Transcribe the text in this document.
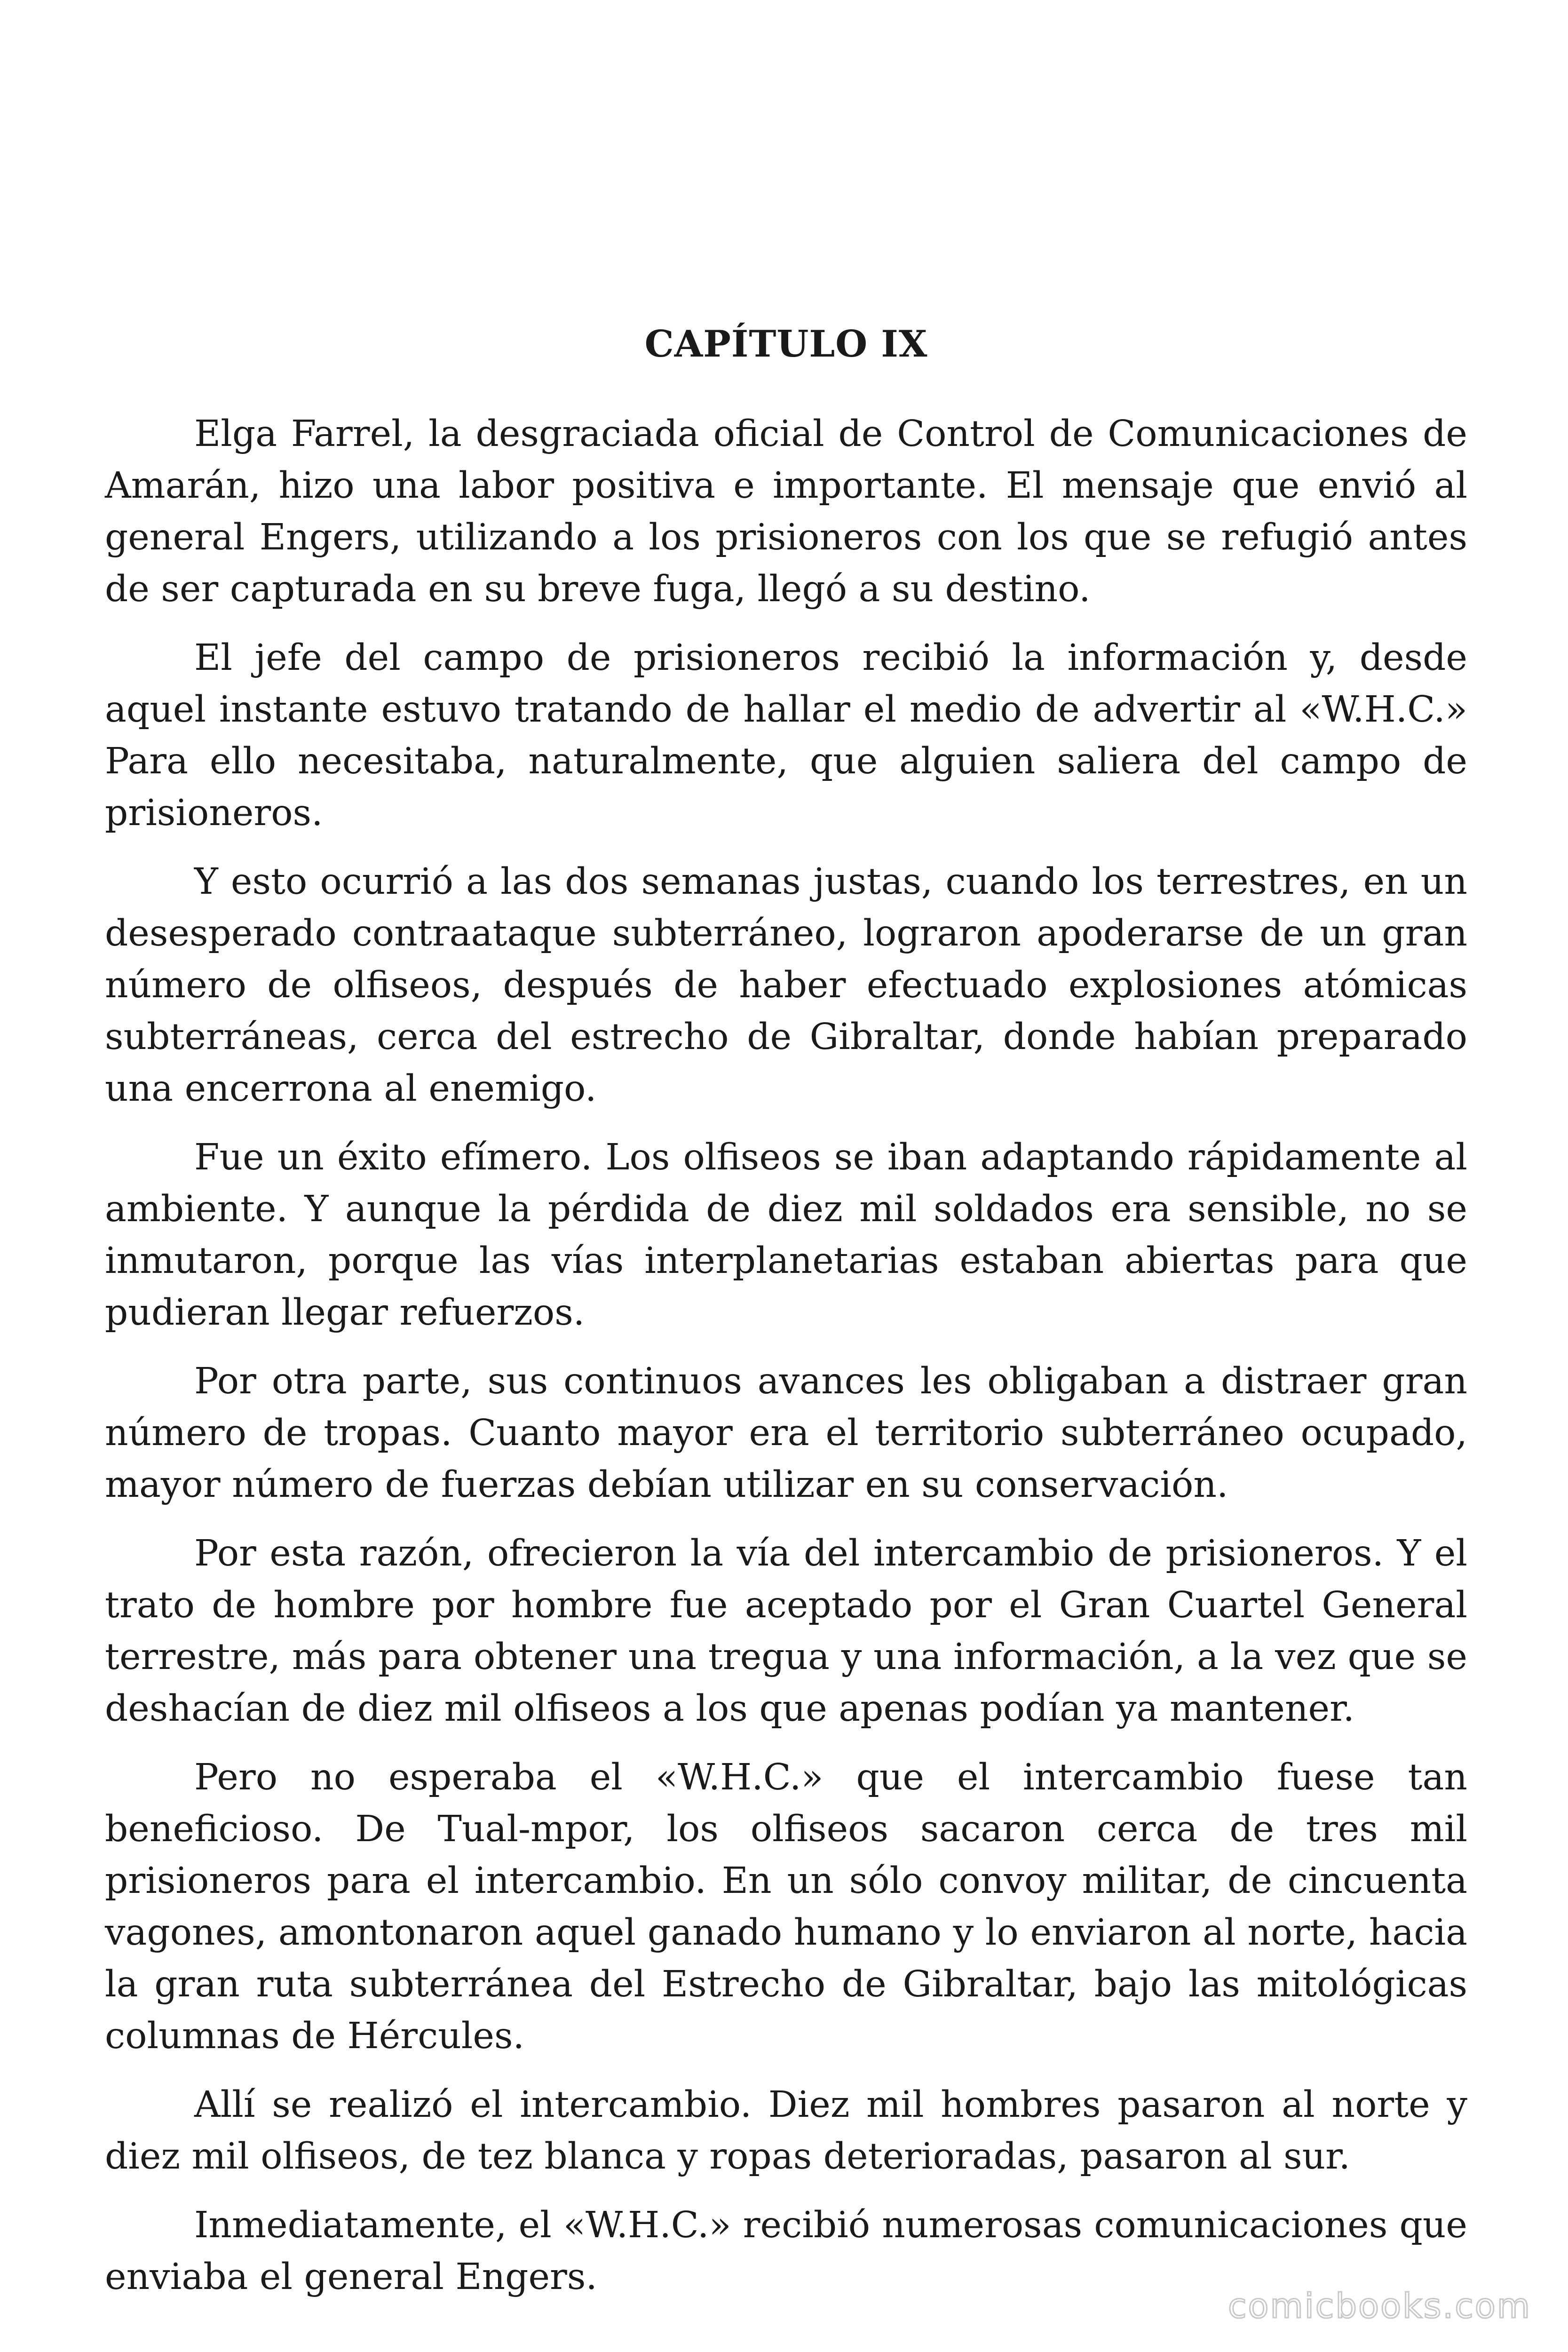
CAPÍTULO IX

Elga Farrel, la desgraciada oficial de Control de Comunicaciones de Amarán, hizo una labor positiva e importante. El mensaje que envió al general Engers, utilizando a los prisioneros con los que se refugió antes de ser capturada en su breve fuga, llegó a su destino.

El jefe del campo de prisioneros recibió la información y, desde aquel instante estuvo tratando de hallar el medio de advertir al «W.H.C.» Para ello necesitaba, naturalmente, que alguien saliera del campo de prisioneros.

Y esto ocurrió a las dos semanas justas, cuando los terrestres, en un desesperado contraataque subterráneo, lograron apoderarse de un gran número de olfiseos, después de haber efectuado explosiones atómicas subterráneas, cerca del estrecho de Gibraltar, donde habían preparado una encerrona al enemigo.

Fue un éxito efímero. Los olfiseos se iban adaptando rápidamente al ambiente. Y aunque la pérdida de diez mil soldados era sensible, no se inmutaron, porque las vías interplanetarias estaban abiertas para que pudieran llegar refuerzos.

Por otra parte, sus continuos avances les obligaban a distraer gran número de tropas. Cuanto mayor era el territorio subterráneo ocupado, mayor número de fuerzas debían utilizar en su conservación.

Por esta razón, ofrecieron la vía del intercambio de prisioneros. Y el trato de hombre por hombre fue aceptado por el Gran Cuartel General terrestre, más para obtener una tregua y una información, a la vez que se deshacían de diez mil olfiseos a los que apenas podían ya mantener.

Pero no esperaba el «W.H.C.» que el intercambio fuese tan beneficioso. De Tual-mpor, los olfiseos sacaron cerca de tres mil prisioneros para el intercambio. En un sólo convoy militar, de cincuenta vagones, amontonaron aquel ganado humano y lo enviaron al norte, hacia la gran ruta subterránea del Estrecho de Gibraltar, bajo las mitológicas columnas de Hércules.

Allí se realizó el intercambio. Diez mil hombres pasaron al norte y diez mil olfiseos, de tez blanca y ropas deterioradas, pasaron al sur.

Inmediatamente, el «W.H.C.» recibió numerosas comunicaciones que enviaba el general Engers.

comicbooks.com
